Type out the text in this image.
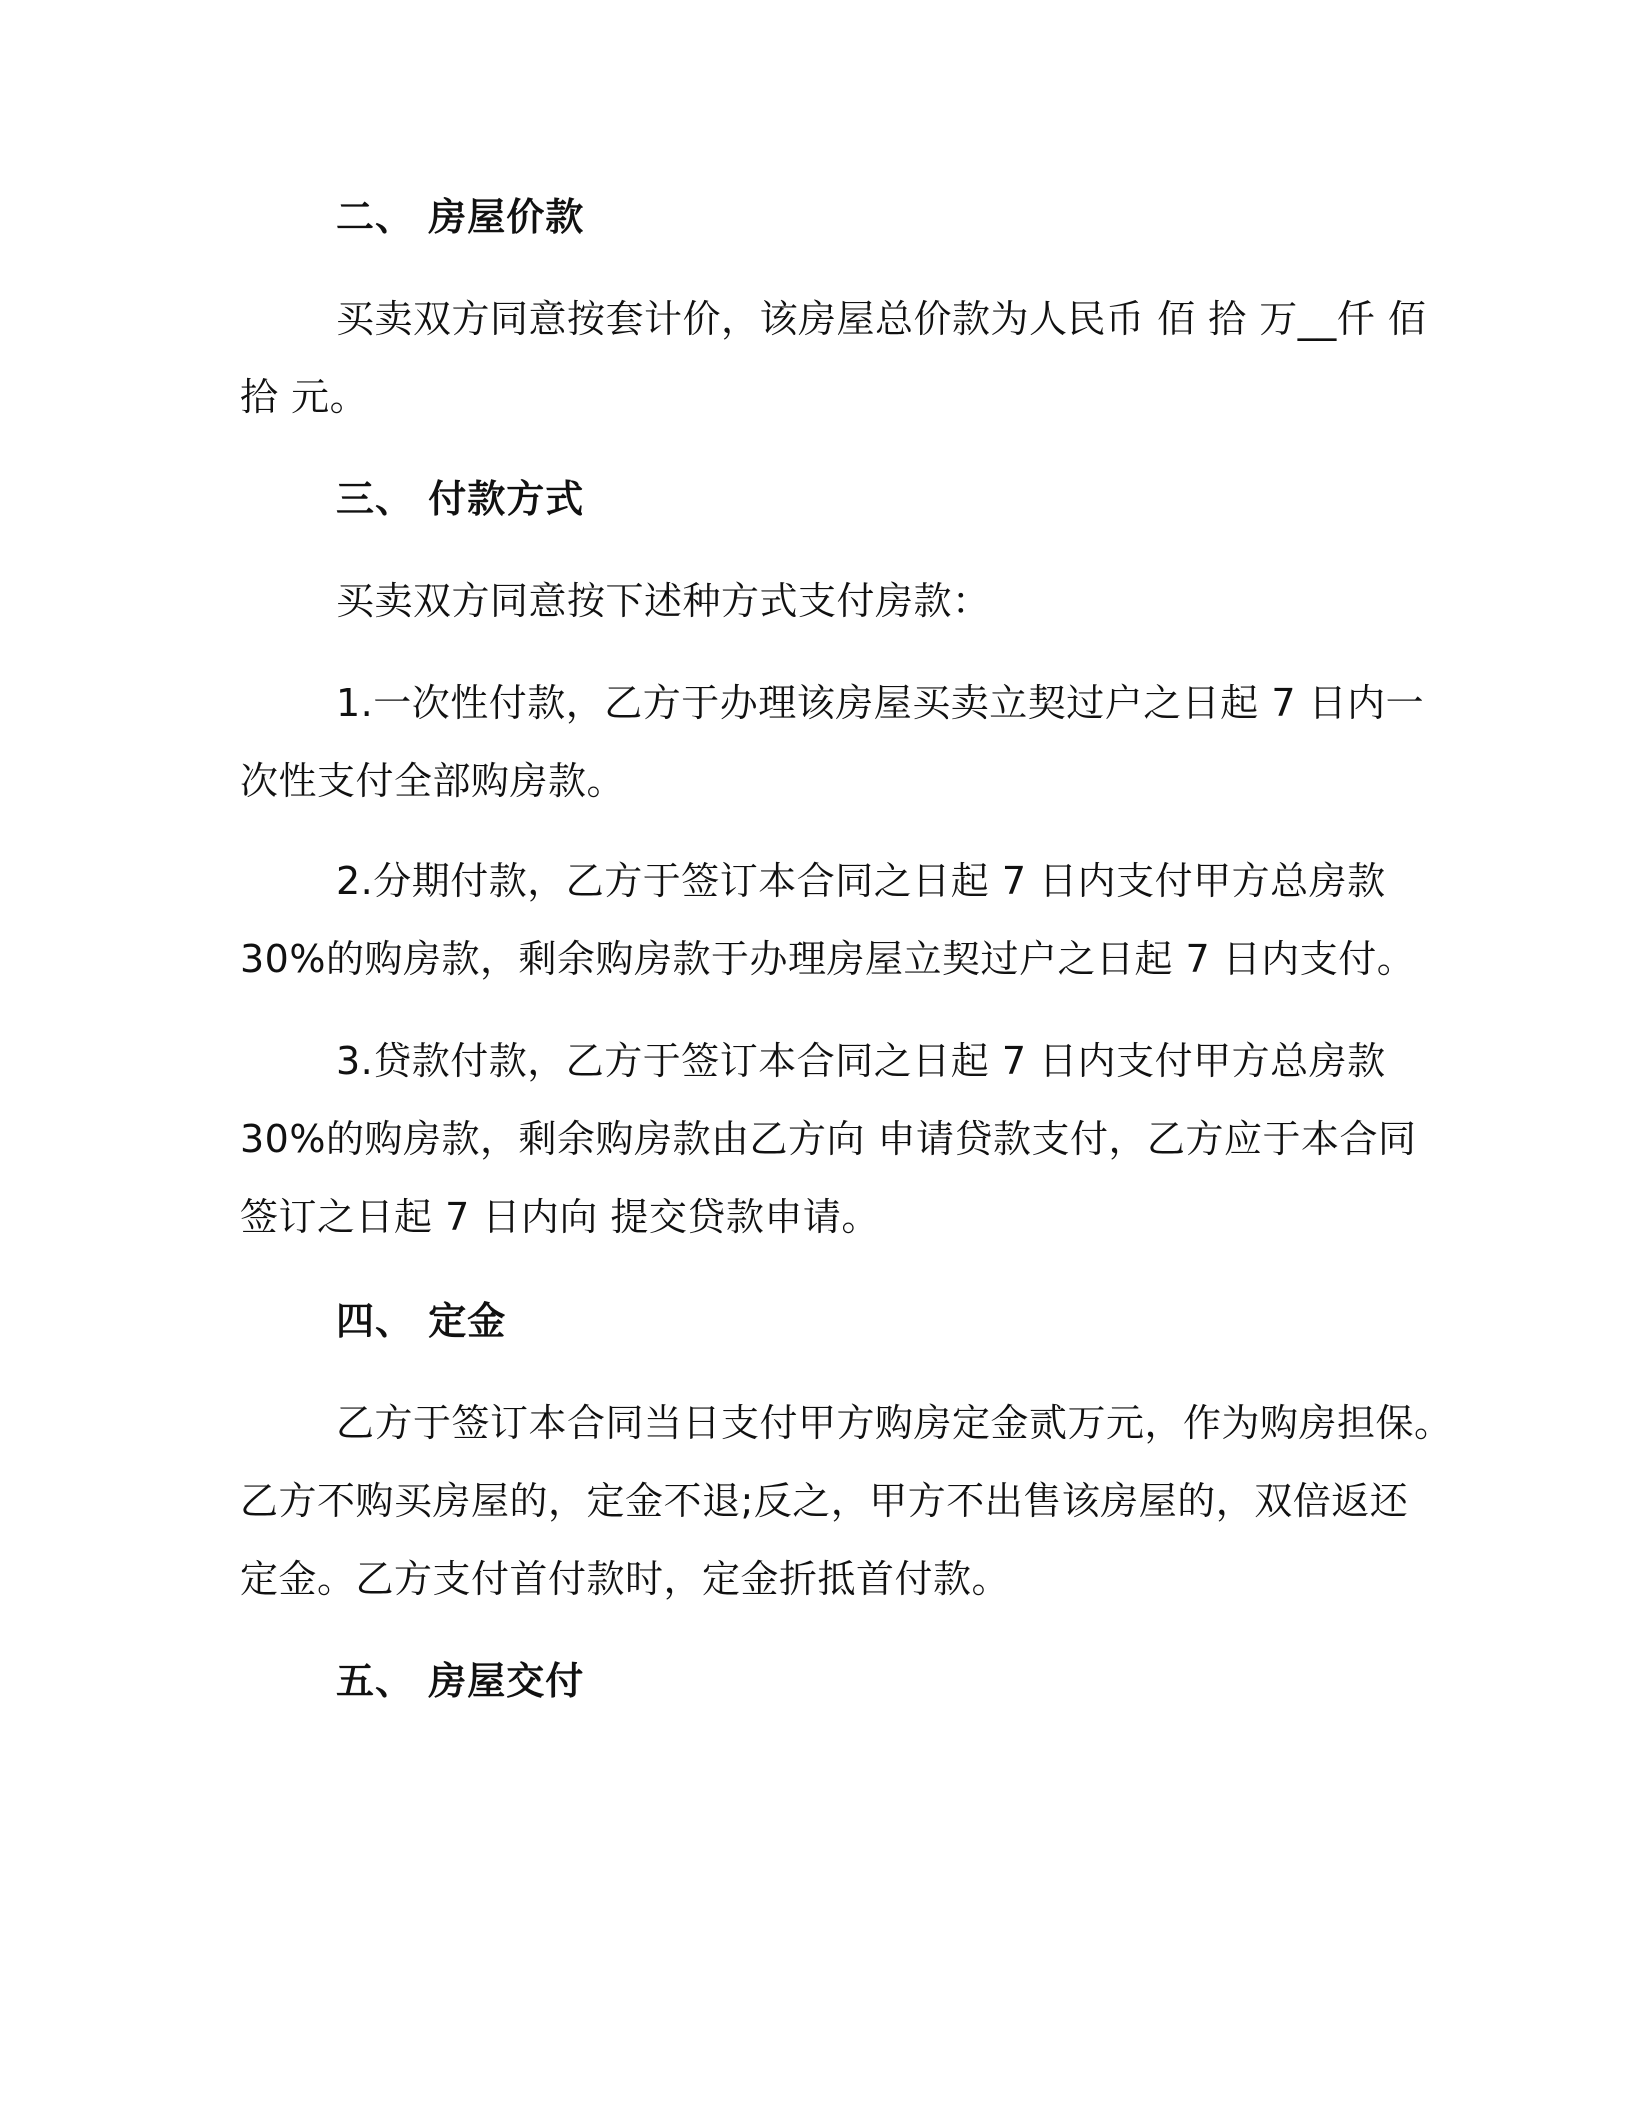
二、 房屋价款
买卖双方同意按套计价，该房屋总价款为人民币 佰 拾 万__仟 佰
拾 元。
三、 付款方式
买卖双方同意按下述种方式支付房款：
1.一次性付款，乙方于办理该房屋买卖立契过户之日起 7 日内一
次性支付全部购房款。
2.分期付款，乙方于签订本合同之日起 7 日内支付甲方总房款
30%的购房款，剩余购房款于办理房屋立契过户之日起 7 日内支付。
3.贷款付款，乙方于签订本合同之日起 7 日内支付甲方总房款
30%的购房款，剩余购房款由乙方向 申请贷款支付，乙方应于本合同
签订之日起 7 日内向 提交贷款申请。
四、 定金
乙方于签订本合同当日支付甲方购房定金贰万元，作为购房担保。
乙方不购买房屋的，定金不退;反之，甲方不出售该房屋的，双倍返还
定金。乙方支付首付款时，定金折抵首付款。
五、 房屋交付
